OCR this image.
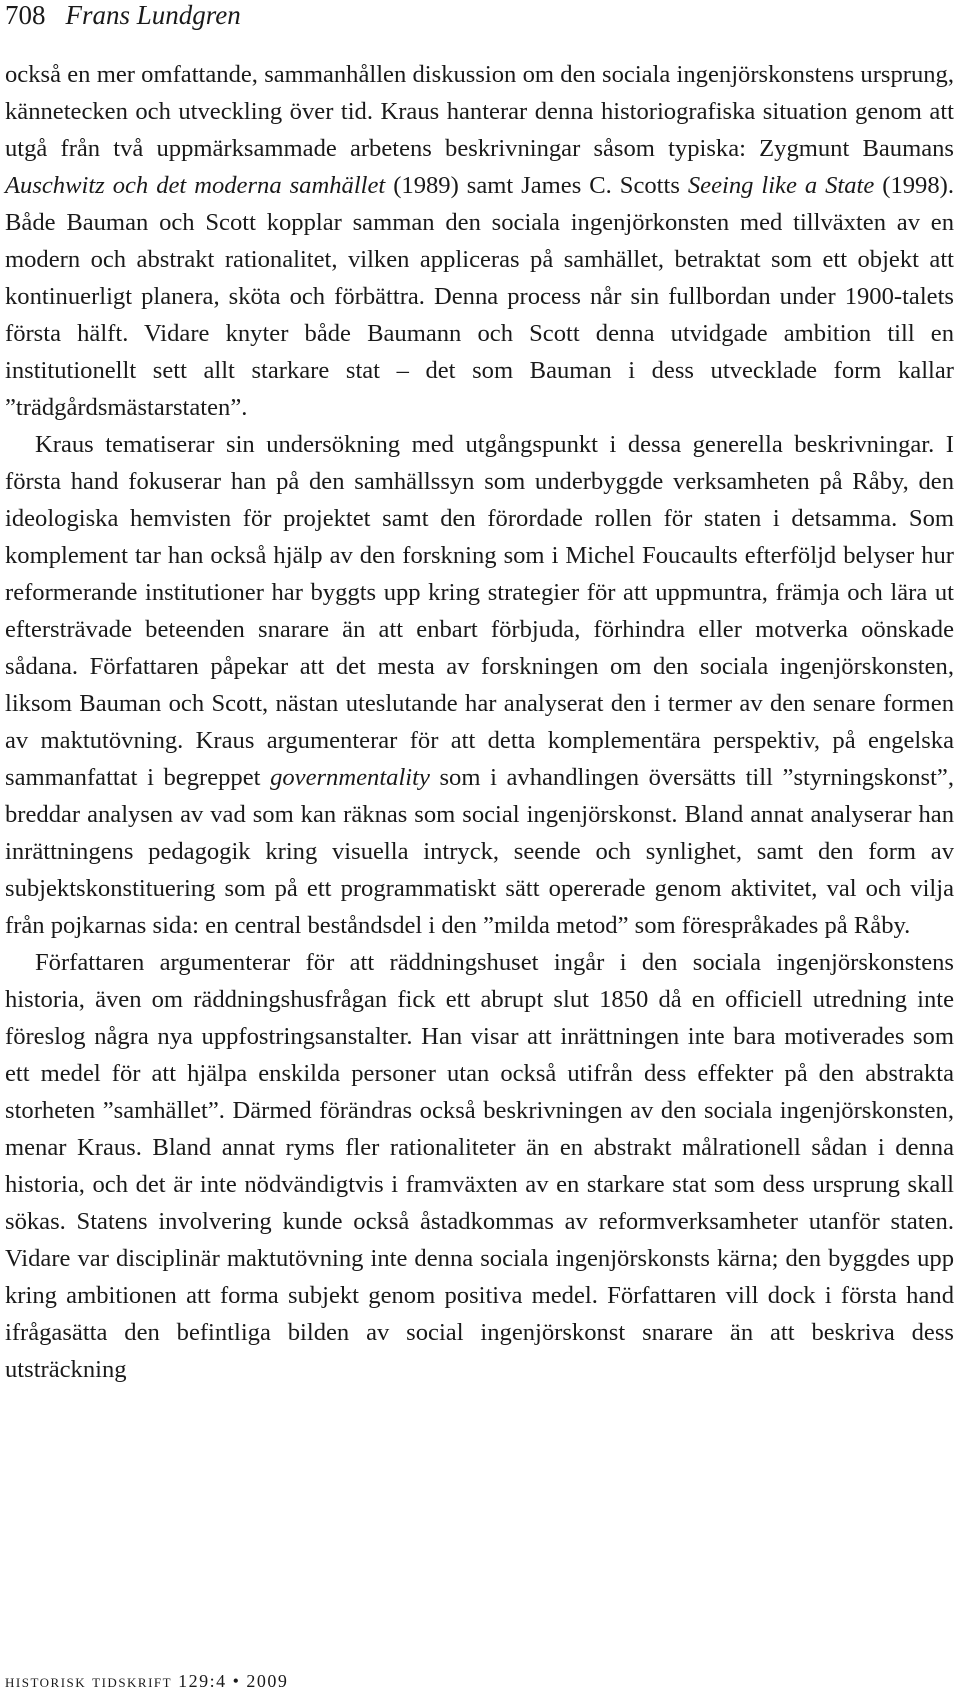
708 Frans Lundgren

också en mer omfattande, sammanhållen diskussion om den sociala ingenjörskonstens ursprung, kännetecken och utveckling över tid. Kraus hanterar denna historiografiska situation genom att utgå från två uppmärksammade arbetens beskrivningar såsom typiska: Zygmunt Baumans Auschwitz och det moderna samhället (1989) samt James C. Scotts Seeing like a State (1998). Både Bauman och Scott kopplar samman den sociala ingenjörkonsten med tillväxten av en modern och abstrakt rationalitet, vilken appliceras på samhället, betraktat som ett objekt att kontinuerligt planera, sköta och förbättra. Denna process når sin fullbordan under 1900-talets första hälft. Vidare knyter både Baumann och Scott denna utvidgade ambition till en institutionellt sett allt starkare stat – det som Bauman i dess utvecklade form kallar ”trädgårdsmästarstaten”.

Kraus tematiserar sin undersökning med utgångspunkt i dessa generella beskrivningar. I första hand fokuserar han på den samhällssyn som underbyggde verksamheten på Råby, den ideologiska hemvisten för projektet samt den förordade rollen för staten i detsamma. Som komplement tar han också hjälp av den forskning som i Michel Foucaults efterföljd belyser hur reformerande institutioner har byggts upp kring strategier för att uppmuntra, främja och lära ut eftersträvade beteenden snarare än att enbart förbjuda, förhindra eller motverka oönskade sådana. Författaren påpekar att det mesta av forskningen om den sociala ingenjörskonsten, liksom Bauman och Scott, nästan uteslutande har analyserat den i termer av den senare formen av maktutövning. Kraus argumenterar för att detta komplementära perspektiv, på engelska sammanfattat i begreppet governmentality som i avhandlingen översätts till ”styrningskonst”, breddar analysen av vad som kan räknas som social ingenjörskonst. Bland annat analyserar han inrättningens pedagogik kring visuella intryck, seende och synlighet, samt den form av subjektskonstituering som på ett programmatiskt sätt opererade genom aktivitet, val och vilja från pojkarnas sida: en central beståndsdel i den ”milda metod” som förespråkades på Råby.

Författaren argumenterar för att räddningshuset ingår i den sociala ingenjörskonstens historia, även om räddningshusfrågan fick ett abrupt slut 1850 då en officiell utredning inte föreslog några nya uppfostringsanstalter. Han visar att inrättningen inte bara motiverades som ett medel för att hjälpa enskilda personer utan också utifrån dess effekter på den abstrakta storheten ”samhället”. Därmed förändras också beskrivningen av den sociala ingenjörskonsten, menar Kraus. Bland annat ryms fler rationaliteter än en abstrakt målrationell sådan i denna historia, och det är inte nödvändigtvis i framväxten av en starkare stat som dess ursprung skall sökas. Statens involvering kunde också åstadkommas av reformverksamheter utanför staten. Vidare var disciplinär maktutövning inte denna sociala ingenjörskonsts kärna; den byggdes upp kring ambitionen att forma subjekt genom positiva medel. Författaren vill dock i första hand ifrågasätta den befintliga bilden av social ingenjörskonst snarare än att beskriva dess utsträckning

historisk tidskrift 129:4 • 2009
